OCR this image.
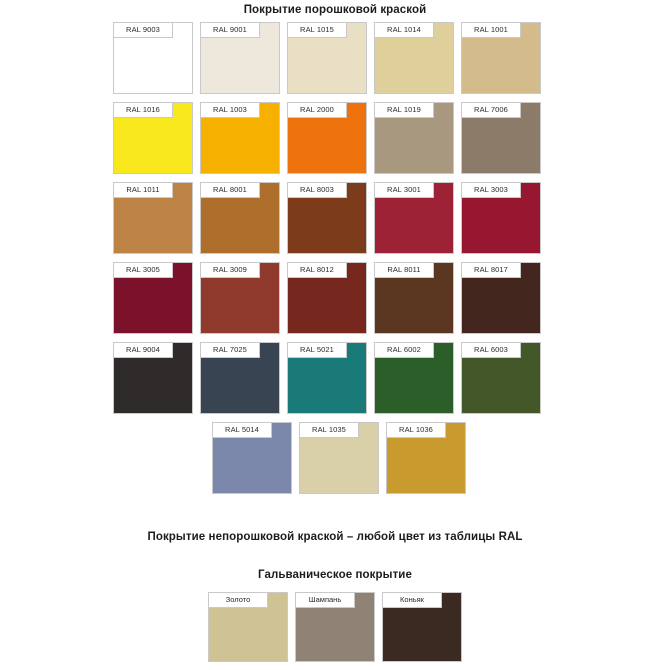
Покрытие порошковой краской
RAL 9003	RAL 9001	RAL 1015	RAL 1014	RAL 1001
RAL 1016	RAL 1003	RAL 2000	RAL 1019	RAL 7006
RAL 1011	RAL 8001	RAL 8003	RAL 3001	RAL 3003
RAL 3005	RAL 3009	RAL 8012	RAL 8011	RAL 8017
RAL 9004	RAL 7025	RAL 5021	RAL 6002	RAL 6003
RAL 5014	RAL 1035	RAL 1036
Покрытие непорошковой краской – любой цвет из таблицы RAL
Гальваническое покрытие
Золото	Шампань	Коньяк
